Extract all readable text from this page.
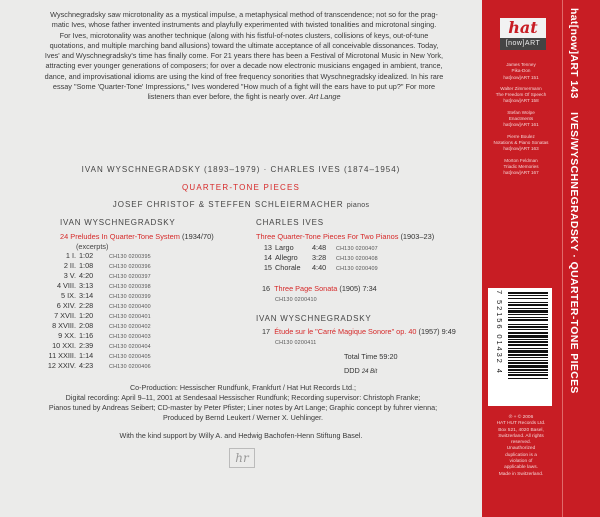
Wyschnegradsky saw microtonality as a mystical impulse, a metaphysical method of transcendence; not so for the prag-

matic Ives, whose father invented instruments and playfully experimented with twisted tonalities and microtonal singing.

For Ives, microtonality was another technique (along with his fistful-of-notes clusters, collisions of keys, out-of-tune

quotations, and multiple marching band allusions) toward the ultimate acceptance of all conceivable dissonances. Today,

Ives' and Wyschnegradsky's time has finally come. For 21 years there has been a Festival of Microtonal Music in New York,

attracting ever younger generations of composers; for over a decade now electronic musicians engaged in ambient, trance,

dance, and improvisational idioms are using the kind of free frequency sonorities that Wyschnegradsky idealized. In his rare

essay "Some 'Quarter-Tone' Impressions," Ives wondered "How much of a fight will the ears have to put up?" For more

listeners than ever before, the fight is nearly over. Art Lange

IVAN WYSCHNEGRADSKY (1893–1979) · CHARLES IVES (1874–1954)
QUARTER-TONE PIECES
JOSEF CHRISTOF & STEFFEN SCHLEIERMACHER pianos
IVAN WYSCHNEGRADSKY
24 Preludes In Quarter-Tone System (1934/70)
(excerpts)
1 I. 1:02	CH130 0200395
2 II. 1:08	CH130 0200396
3 V. 4:20	CH130 0200397
4 VIII. 3:13	CH130 0200398
5 IX. 3:14	CH130 0200399
6 XIV. 2:28	CH130 0200400
7 XVII. 1:20	CH130 0200401
8 XVIII. 2:08	CH130 0200402
9 XX. 1:16	CH130 0200403
10 XXI. 2:39	CH130 0200404
11 XXIII. 1:14	CH130 0200405
12 XXIV. 4:23	CH130 0200406
CHARLES IVES
Three Quarter-Tone Pieces For Two Pianos (1903–23)
13 Largo	4:48 CH130 0200407
14 Allegro 3:28 CH130 0200408
15 Chorale 4:40 CH130 0200409
16 Three Page Sonata (1905) 7:34
CH130 0200410
IVAN WYSCHNEGRADSKY
17 Étude sur le "Carré Magique Sonore" op. 40 (1957) 9:49
CH130 0200411
Total Time 59:20
DDD 24 Bit

Co-Production: Hessischer Rundfunk, Frankfurt / Hat Hut Records Ltd.;

Digital recording: April 9–11, 2001 at Sendesaal Hessischer Rundfunk; Recording supervisor: Christoph Franke;

Pianos tuned by Andreas Seibert; CD-master by Peter Pfister; Liner notes by Art Lange; Graphic concept by fuhrer vienna;

Produced by Bernd Leukert / Werner X. Uehlinger.

With the kind support by Willy A. and Hedwig Bachofen-Henn Stiftung Basel.
hr
hat
[now]ART
James Tenney
Pika-Don
hat[now]ART 151
Walter Zimmermann
The Freedom Of Speech
hat[now]ART 158
Stefan Wolpe
Enactments
hat[now]ART 161
Pierre Boulez
Notations & Piano Sonatas
hat[now]ART 163
Morton Feldman
Triadic Memories
hat[now]ART 167
7 52156 01432 4
℗ + © 2006
HAT HUT Records Ltd.
Box 521, 4020 Basel,
Switzerland. All rights reserved.
Unauthorized
duplication is a
violation of
applicable laws.
Made in Switzerland.
hat[now]ART 143 IVES/WYSCHNEGRADSKY · QUARTER-TONE PIECES
